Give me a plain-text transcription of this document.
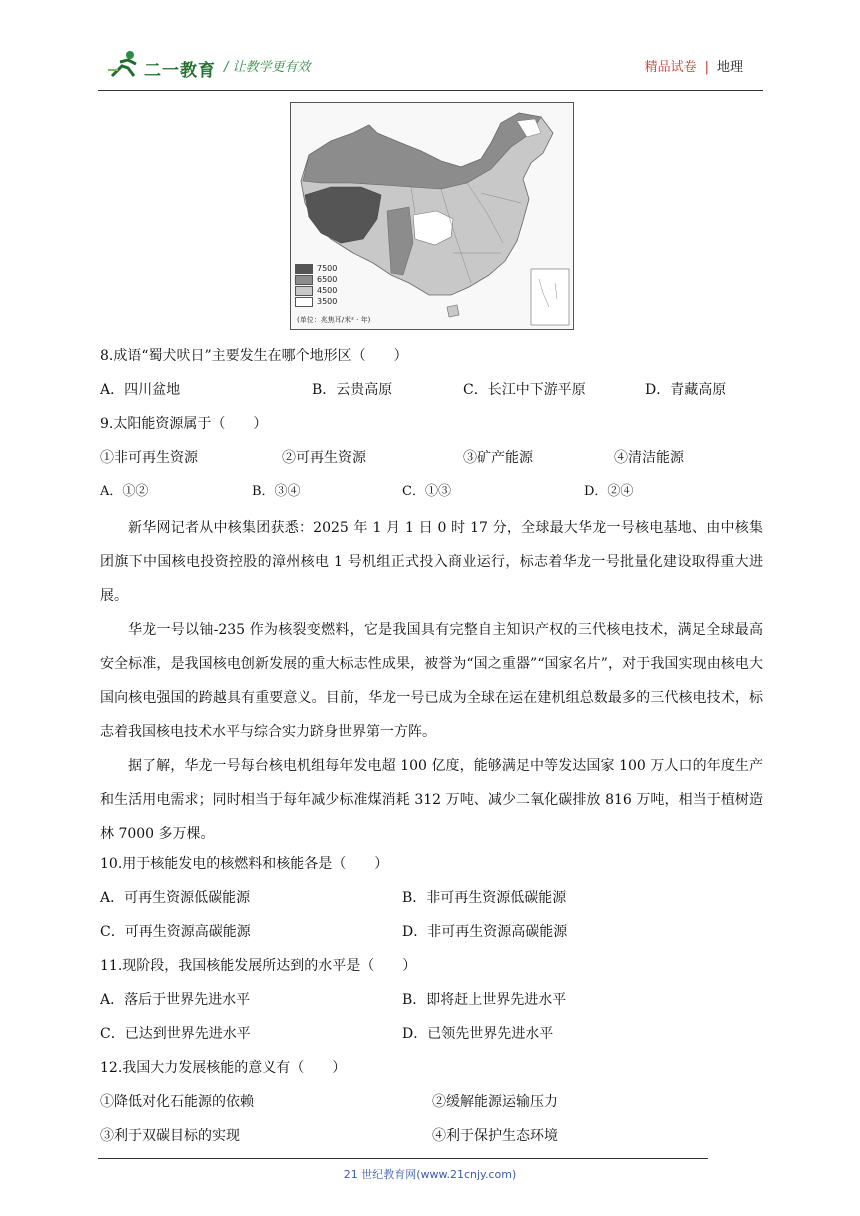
二一教育 / 让教学更有效	精品试卷 | 地理
7500
6500
4500
3500
(单位：兆焦耳/米² · 年)
8.成语“蜀犬吠日”主要发生在哪个地形区（　　）
A．四川盆地	B．云贵高原	C．长江中下游平原	D．青藏高原
9.太阳能资源属于（　　）
①非可再生资源	②可再生资源	③矿产能源	④清洁能源
A．①②	B．③④	C．①③	D．②④
新华网记者从中核集团获悉：2025 年 1 月 1 日 0 时 17 分，全球最大华龙一号核电基地、由中核集团旗下中国核电投资控股的漳州核电 1 号机组正式投入商业运行，标志着华龙一号批量化建设取得重大进展。
华龙一号以铀-235 作为核裂变燃料，它是我国具有完整自主知识产权的三代核电技术，满足全球最高安全标准，是我国核电创新发展的重大标志性成果，被誉为“国之重器”“国家名片”，对于我国实现由核电大国向核电强国的跨越具有重要意义。目前，华龙一号已成为全球在运在建机组总数最多的三代核电技术，标志着我国核电技术水平与综合实力跻身世界第一方阵。
据了解，华龙一号每台核电机组每年发电超 100 亿度，能够满足中等发达国家 100 万人口的年度生产和生活用电需求；同时相当于每年减少标准煤消耗 312 万吨、减少二氧化碳排放 816 万吨，相当于植树造林 7000 多万棵。
10.用于核能发电的核燃料和核能各是（　　）
A．可再生资源低碳能源	B．非可再生资源低碳能源
C．可再生资源高碳能源	D．非可再生资源高碳能源
11.现阶段，我国核能发展所达到的水平是（　　）
A．落后于世界先进水平	B．即将赶上世界先进水平
C．已达到世界先进水平	D．已领先世界先进水平
12.我国大力发展核能的意义有（　　）
①降低对化石能源的依赖	②缓解能源运输压力
③利于双碳目标的实现	④利于保护生态环境
21 世纪教育网(www.21cnjy.com)
